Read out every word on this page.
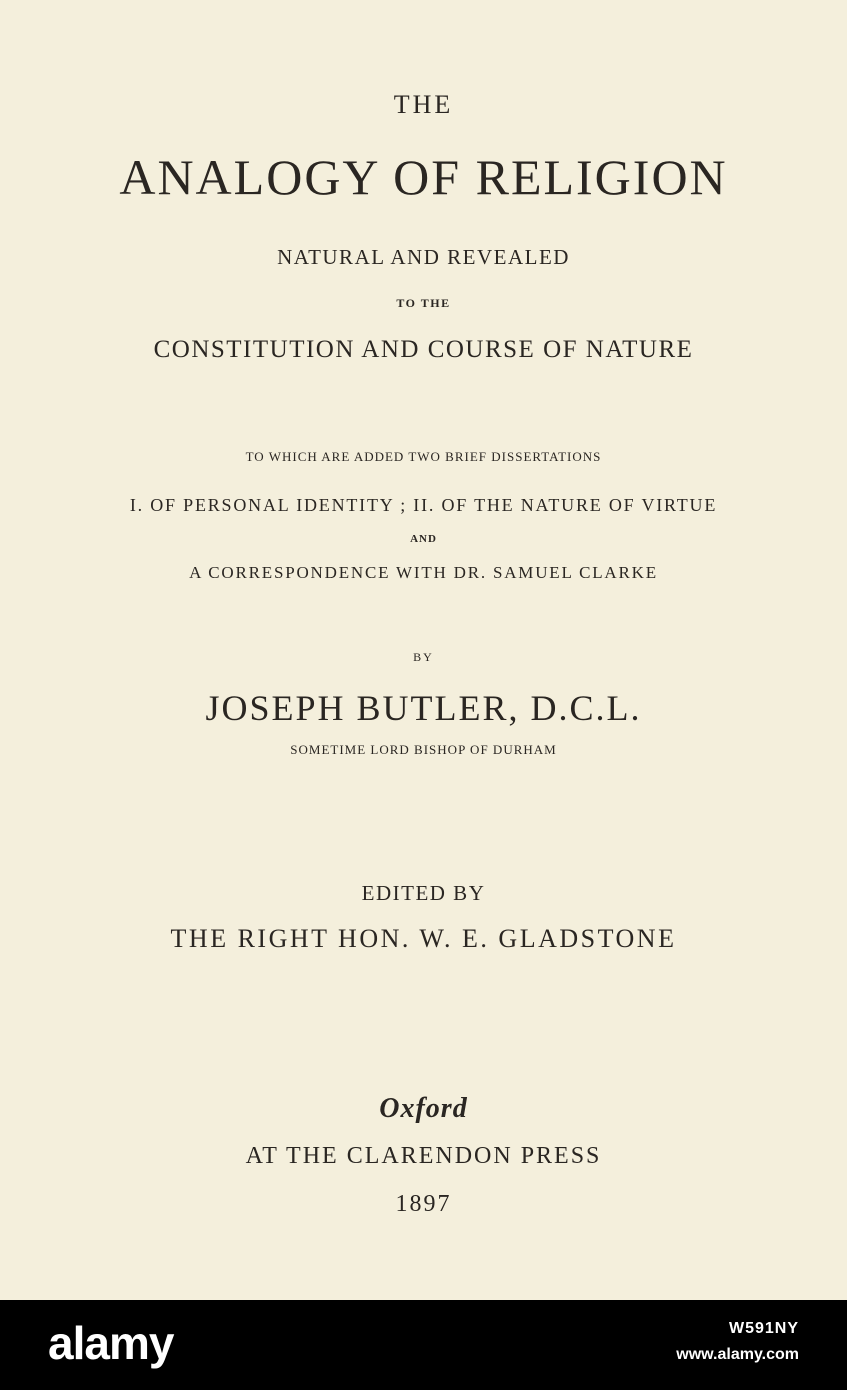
THE

ANALOGY OF RELIGION

NATURAL AND REVEALED

TO THE

CONSTITUTION AND COURSE OF NATURE

TO WHICH ARE ADDED TWO BRIEF DISSERTATIONS

I. OF PERSONAL IDENTITY ; II. OF THE NATURE OF VIRTUE

AND

A CORRESPONDENCE WITH DR. SAMUEL CLARKE

BY

JOSEPH BUTLER, D.C.L.

SOMETIME LORD BISHOP OF DURHAM

EDITED BY

THE RIGHT HON. W. E. GLADSTONE

Oxford

AT THE CLARENDON PRESS

1897

alamy	W591NY
www.alamy.com
